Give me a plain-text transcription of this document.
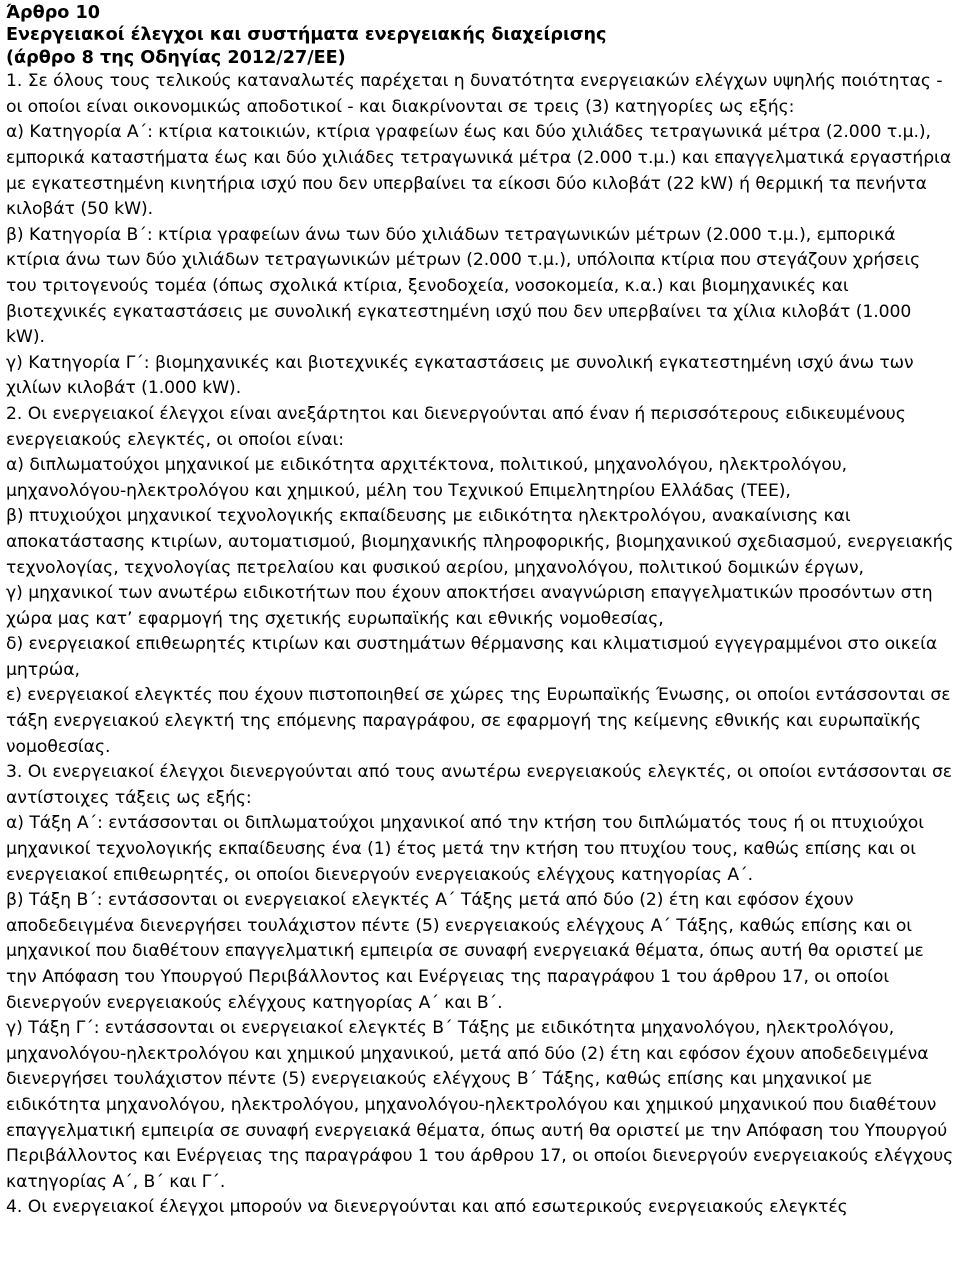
Άρθρο 10

Ενεργειακοί έλεγχοι και συστήματα ενεργειακής διαχείρισης

(άρθρο 8 της Οδηγίας 2012/27/ΕΕ)

1. Σε όλους τους τελικούς καταναλωτές παρέχεται η δυνατότητα ενεργειακών ελέγχων υψηλής ποιότητας - οι οποίοι είναι οικονομικώς αποδοτικοί - και διακρίνονται σε τρεις (3) κατηγορίες ως εξής:

α) Κατηγορία Α΄: κτίρια κατοικιών, κτίρια γραφείων έως και δύο χιλιάδες τετραγωνικά μέτρα (2.000 τ.μ.), εμπορικά καταστήματα έως και δύο χιλιάδες τετραγωνικά μέτρα (2.000 τ.μ.) και επαγγελματικά εργαστήρια με εγκατεστημένη κινητήρια ισχύ που δεν υπερβαίνει τα είκοσι δύο κιλοβάτ (22 kW) ή θερμική τα πενήντα κιλοβάτ (50 kW).

β) Κατηγορία Β΄: κτίρια γραφείων άνω των δύο χιλιάδων τετραγωνικών μέτρων (2.000 τ.μ.), εμπορικά κτίρια άνω των δύο χιλιάδων τετραγωνικών μέτρων (2.000 τ.μ.), υπόλοιπα κτίρια που στεγάζουν χρήσεις του τριτογενούς τομέα (όπως σχολικά κτίρια, ξενοδοχεία, νοσοκομεία, κ.α.) και βιομηχανικές και βιοτεχνικές εγκαταστάσεις με συνολική εγκατεστημένη ισχύ που δεν υπερβαίνει τα χίλια κιλοβάτ (1.000 kW).

γ) Κατηγορία Γ΄: βιομηχανικές και βιοτεχνικές εγκαταστάσεις με συνολική εγκατεστημένη ισχύ άνω των χιλίων κιλοβάτ (1.000 kW).

2. Οι ενεργειακοί έλεγχοι είναι ανεξάρτητοι και διενεργούνται από έναν ή περισσότερους ειδικευμένους ενεργειακούς ελεγκτές, οι οποίοι είναι:

α) διπλωματούχοι μηχανικοί με ειδικότητα αρχιτέκτονα, πολιτικού, μηχανολόγου, ηλεκτρολόγου, μηχανολόγου-ηλεκτρολόγου και χημικού, μέλη του Τεχνικού Επιμελητηρίου Ελλάδας (ΤΕΕ),

β) πτυχιούχοι μηχανικοί τεχνολογικής εκπαίδευσης με ειδικότητα ηλεκτρολόγου, ανακαίνισης και αποκατάστασης κτιρίων, αυτοματισμού, βιομηχανικής πληροφορικής, βιομηχανικού σχεδιασμού, ενεργειακής τεχνολογίας, τεχνολογίας πετρελαίου και φυσικού αερίου, μηχανολόγου, πολιτικού δομικών έργων,

γ) μηχανικοί των ανωτέρω ειδικοτήτων που έχουν αποκτήσει αναγνώριση επαγγελματικών προσόντων στη χώρα μας κατ’ εφαρμογή της σχετικής ευρωπαϊκής και εθνικής νομοθεσίας,

δ) ενεργειακοί επιθεωρητές κτιρίων και συστημάτων θέρμανσης και κλιματισμού εγγεγραμμένοι στο οικεία μητρώα,

ε) ενεργειακοί ελεγκτές που έχουν πιστοποιηθεί σε χώρες της Ευρωπαϊκής Ένωσης, οι οποίοι εντάσσονται σε τάξη ενεργειακού ελεγκτή της επόμενης παραγράφου, σε εφαρμογή της κείμενης εθνικής και ευρωπαϊκής νομοθεσίας.

3. Οι ενεργειακοί έλεγχοι διενεργούνται από τους ανωτέρω ενεργειακούς ελεγκτές, οι οποίοι εντάσσονται σε αντίστοιχες τάξεις ως εξής:

α) Τάξη Α΄: εντάσσονται οι διπλωματούχοι μηχανικοί από την κτήση του διπλώματός τους ή οι πτυχιούχοι μηχανικοί τεχνολογικής εκπαίδευσης ένα (1) έτος μετά την κτήση του πτυχίου τους, καθώς επίσης και οι ενεργειακοί επιθεωρητές, οι οποίοι διενεργούν ενεργειακούς ελέγχους κατηγορίας Α΄.

β) Τάξη Β΄: εντάσσονται οι ενεργειακοί ελεγκτές Α΄ Τάξης μετά από δύο (2) έτη και εφόσον έχουν αποδεδειγμένα διενεργήσει τουλάχιστον πέντε (5) ενεργειακούς ελέγχους Α΄ Τάξης, καθώς επίσης και οι μηχανικοί που διαθέτουν επαγγελματική εμπειρία σε συναφή ενεργειακά θέματα, όπως αυτή θα οριστεί με την Απόφαση του Υπουργού Περιβάλλοντος και Ενέργειας της παραγράφου 1 του άρθρου 17, οι οποίοι διενεργούν ενεργειακούς ελέγχους κατηγορίας Α΄ και Β΄.

γ) Τάξη Γ΄: εντάσσονται οι ενεργειακοί ελεγκτές Β΄ Τάξης με ειδικότητα μηχανολόγου, ηλεκτρολόγου, μηχανολόγου-ηλεκτρολόγου και χημικού μηχανικού, μετά από δύο (2) έτη και εφόσον έχουν αποδεδειγμένα διενεργήσει τουλάχιστον πέντε (5) ενεργειακούς ελέγχους Β΄ Τάξης, καθώς επίσης και μηχανικοί με ειδικότητα μηχανολόγου, ηλεκτρολόγου, μηχανολόγου-ηλεκτρολόγου και χημικού μηχανικού που διαθέτουν επαγγελματική εμπειρία σε συναφή ενεργειακά θέματα, όπως αυτή θα οριστεί με την Απόφαση του Υπουργού Περιβάλλοντος και Ενέργειας της παραγράφου 1 του άρθρου 17, οι οποίοι διενεργούν ενεργειακούς ελέγχους κατηγορίας Α΄, Β΄ και Γ΄.

4. Οι ενεργειακοί έλεγχοι μπορούν να διενεργούνται και από εσωτερικούς ενεργειακούς ελεγκτές
